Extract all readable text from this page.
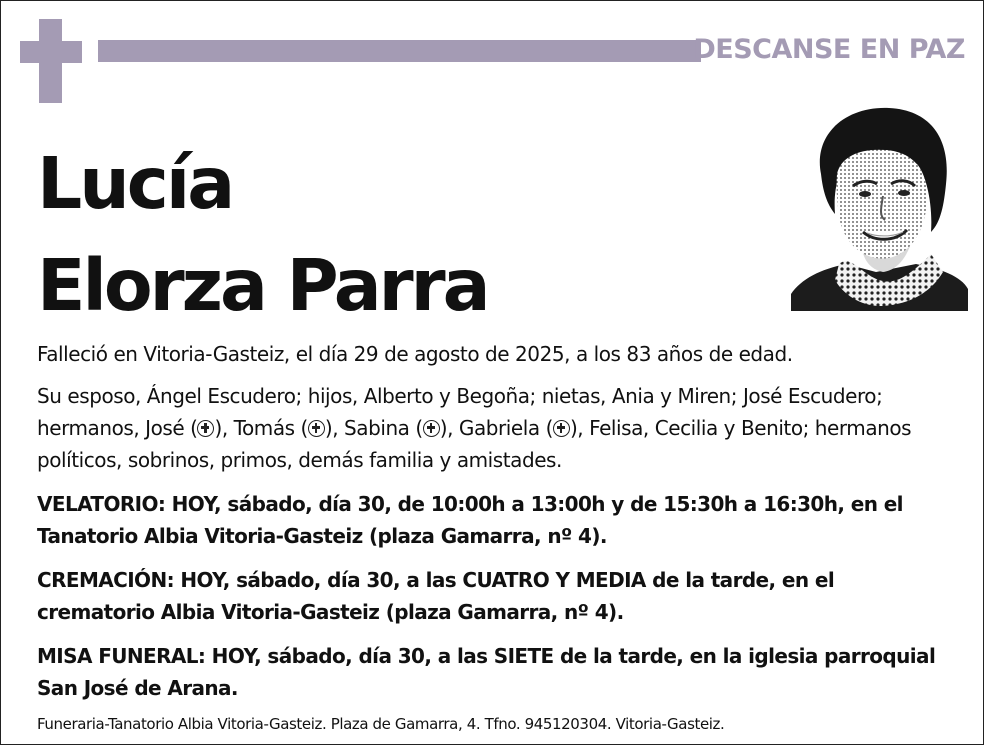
DESCANSE EN PAZ
Lucía
Elorza Parra

Falleció en Vitoria-Gasteiz, el día 29 de agosto de 2025, a los 83 años de edad.

Su esposo, Ángel Escudero; hijos, Alberto y Begoña; nietas, Ania y Miren; José Escudero; hermanos, José ( ), Tomás ( ), Sabina ( ), Gabriela ( ), Felisa, Cecilia y Benito; hermanos políticos, sobrinos, primos, demás familia y amistades.

VELATORIO: HOY, sábado, día 30, de 10:00h a 13:00h y de 15:30h a 16:30h, en el Tanatorio Albia Vitoria-Gasteiz (plaza Gamarra, nº 4).

CREMACIÓN: HOY, sábado, día 30, a las CUATRO Y MEDIA de la tarde, en el crematorio Albia Vitoria-Gasteiz (plaza Gamarra, nº 4).

MISA FUNERAL: HOY, sábado, día 30, a las SIETE de la tarde, en la iglesia parroquial San José de Arana.

Funeraria-Tanatorio Albia Vitoria-Gasteiz. Plaza de Gamarra, 4. Tfno. 945120304. Vitoria-Gasteiz.
